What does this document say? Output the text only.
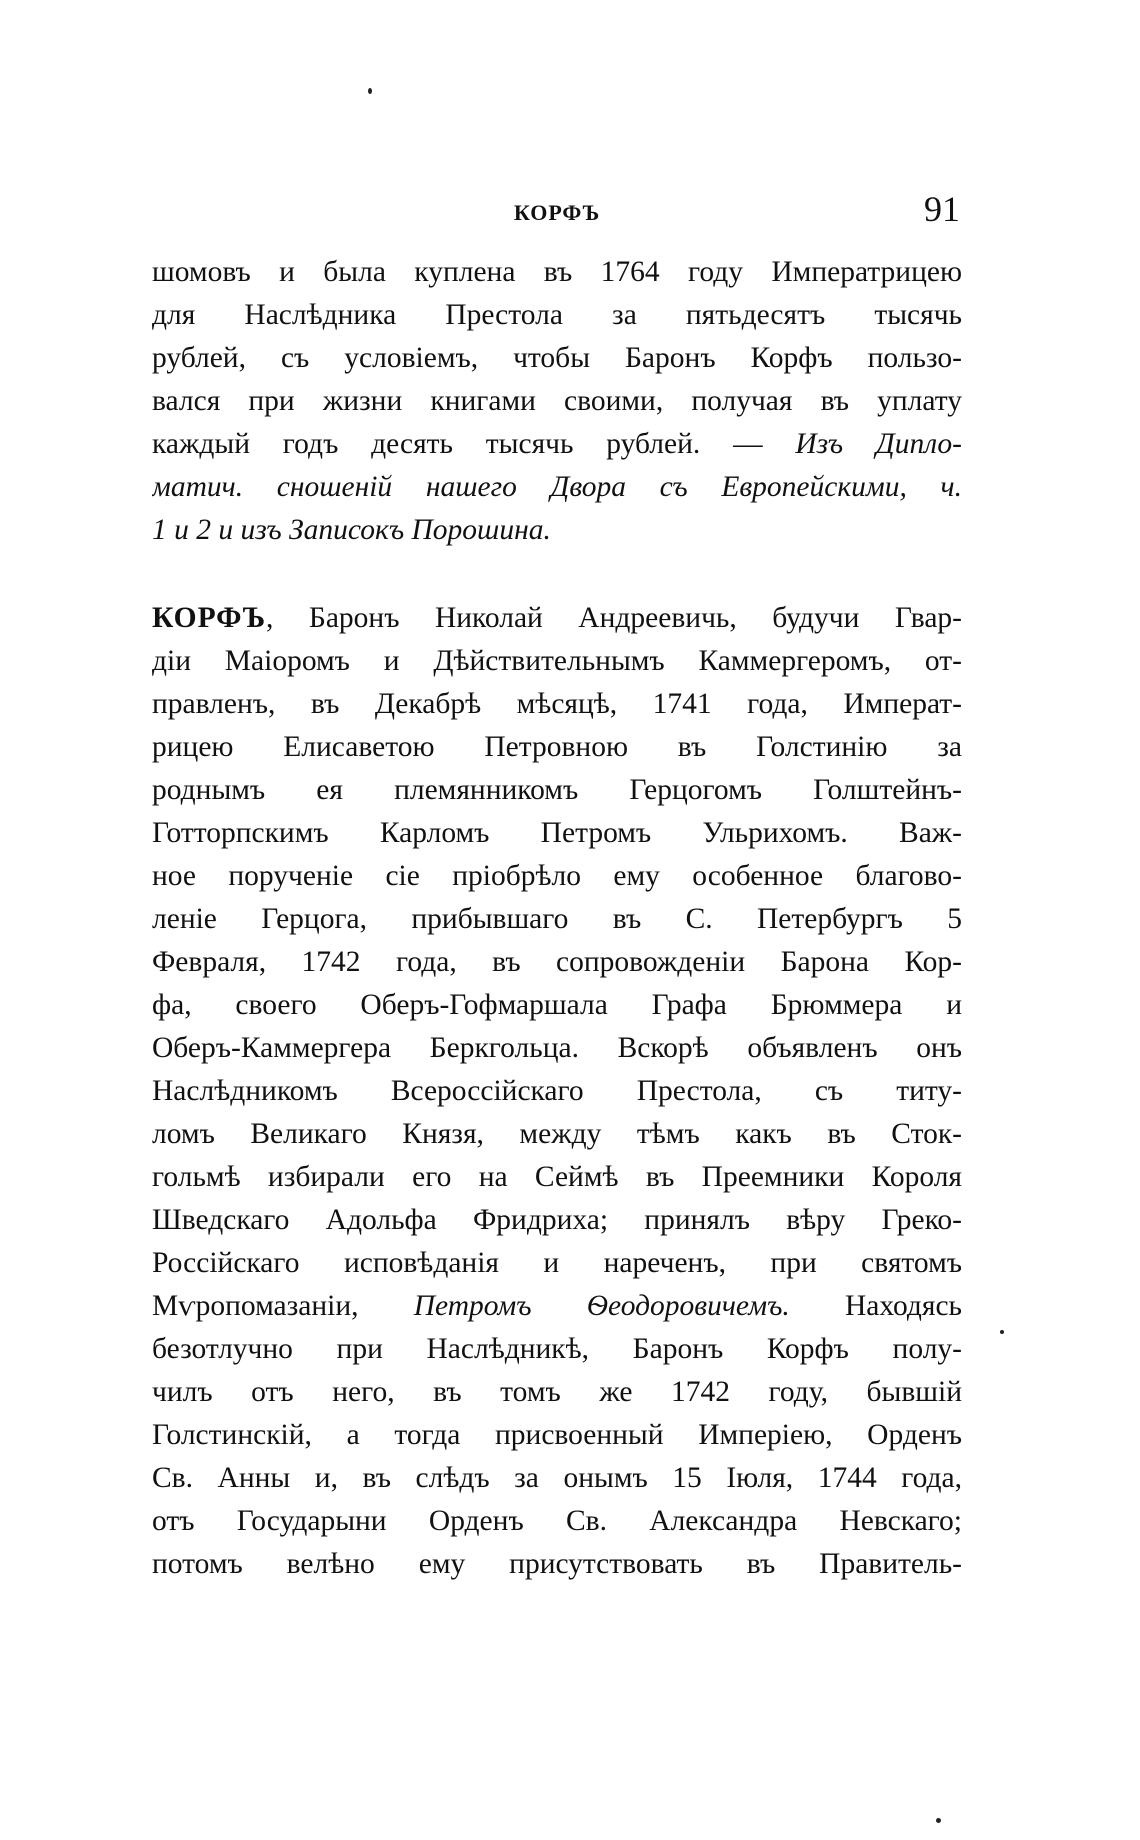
КОРФЪ	91
шомовъ и была куплена въ 1764 году Императрицею
для Наслѣдника Престола за пятьдесятъ тысячь
рублей, съ условіемъ, чтобы Баронъ Корфъ пользо-
вался при жизни книгами своими, получая въ уплату
каждый годъ десять тысячь рублей. — Изъ Дипло-
матич. сношеній нашего Двора съ Европейскими, ч.
1 и 2 и изъ Записокъ Порошина.
КОРФЪ, Баронъ Николай Андреевичь, будучи Гвар-
діи Маіоромъ и Дѣйствительнымъ Каммергеромъ, от-
правленъ, въ Декабрѣ мѣсяцѣ, 1741 года, Императ-
рицею Елисаветою Петровною въ Голстинію за
роднымъ ея племянникомъ Герцогомъ Голштейнъ-
Готторпскимъ Карломъ Петромъ Ульрихомъ. Важ-
ное порученіе сіе пріобрѣло ему особенное благово-
леніе Герцога, прибывшаго въ С. Петербургъ 5
Февраля, 1742 года, въ сопровожденіи Барона Кор-
фа, своего Оберъ-Гофмаршала Графа Брюммера и
Оберъ-Каммергера Беркгольца. Вскорѣ объявленъ онъ
Наслѣдникомъ Всероссійскаго Престола, съ титу-
ломъ Великаго Князя, между тѣмъ какъ въ Сток-
гольмѣ избирали его на Сеймѣ въ Преемники Короля
Шведскаго Адольфа Фридриха; принялъ вѣру Греко-
Россійскаго исповѣданія и нареченъ, при святомъ
Мѵропомазаніи, Петромъ Ѳеодоровичемъ. Находясь
безотлучно при Наслѣдникѣ, Баронъ Корфъ полу-
чилъ отъ него, въ томъ же 1742 году, бывшій
Голстинскій, а тогда присвоенный Имперіею, Орденъ
Св. Анны и, въ слѣдъ за онымъ 15 Іюля, 1744 года,
отъ Государыни Орденъ Св. Александра Невскаго;
потомъ велѣно ему присутствовать въ Правитель-
